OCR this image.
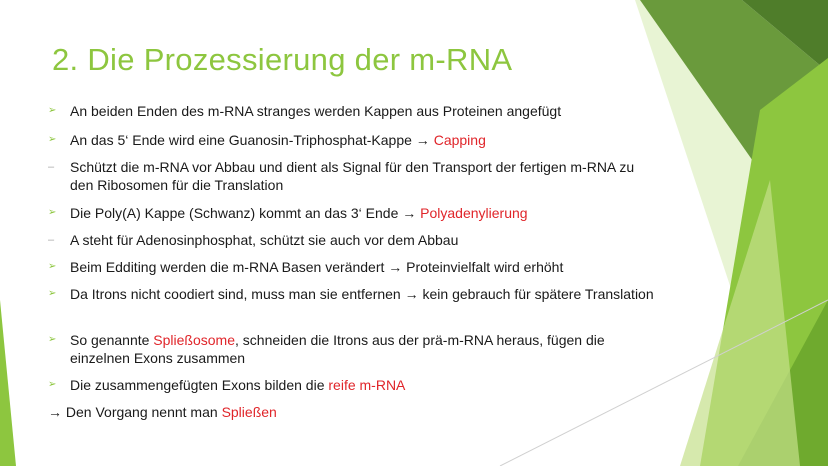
2. Die Prozessierung der m-RNA
➢ An beiden Enden des m-RNA stranges werden Kappen aus Proteinen angefügt
➢ An das 5‘ Ende wird eine Guanosin-Triphosphat-Kappe → Capping
–	Schützt die m-RNA vor Abbau und dient als Signal für den Transport der fertigen m-RNA zu den Ribosomen für die Translation
➢ Die Poly(A) Kappe (Schwanz) kommt an das 3‘ Ende → Polyadenylierung
–	A steht für Adenosinphosphat, schützt sie auch vor dem Abbau
➢ Beim Edditing werden die m-RNA Basen verändert → Proteinvielfalt wird erhöht
➢ Da Itrons nicht coodiert sind, muss man sie entfernen → kein gebrauch für spätere Translation
➢ So genannte Spließosome, schneiden die Itrons aus der prä-m-RNA heraus, fügen die einzelnen Exons zusammen
➢ Die zusammengefügten Exons bilden die reife m-RNA
→ Den Vorgang nennt man Spließen
